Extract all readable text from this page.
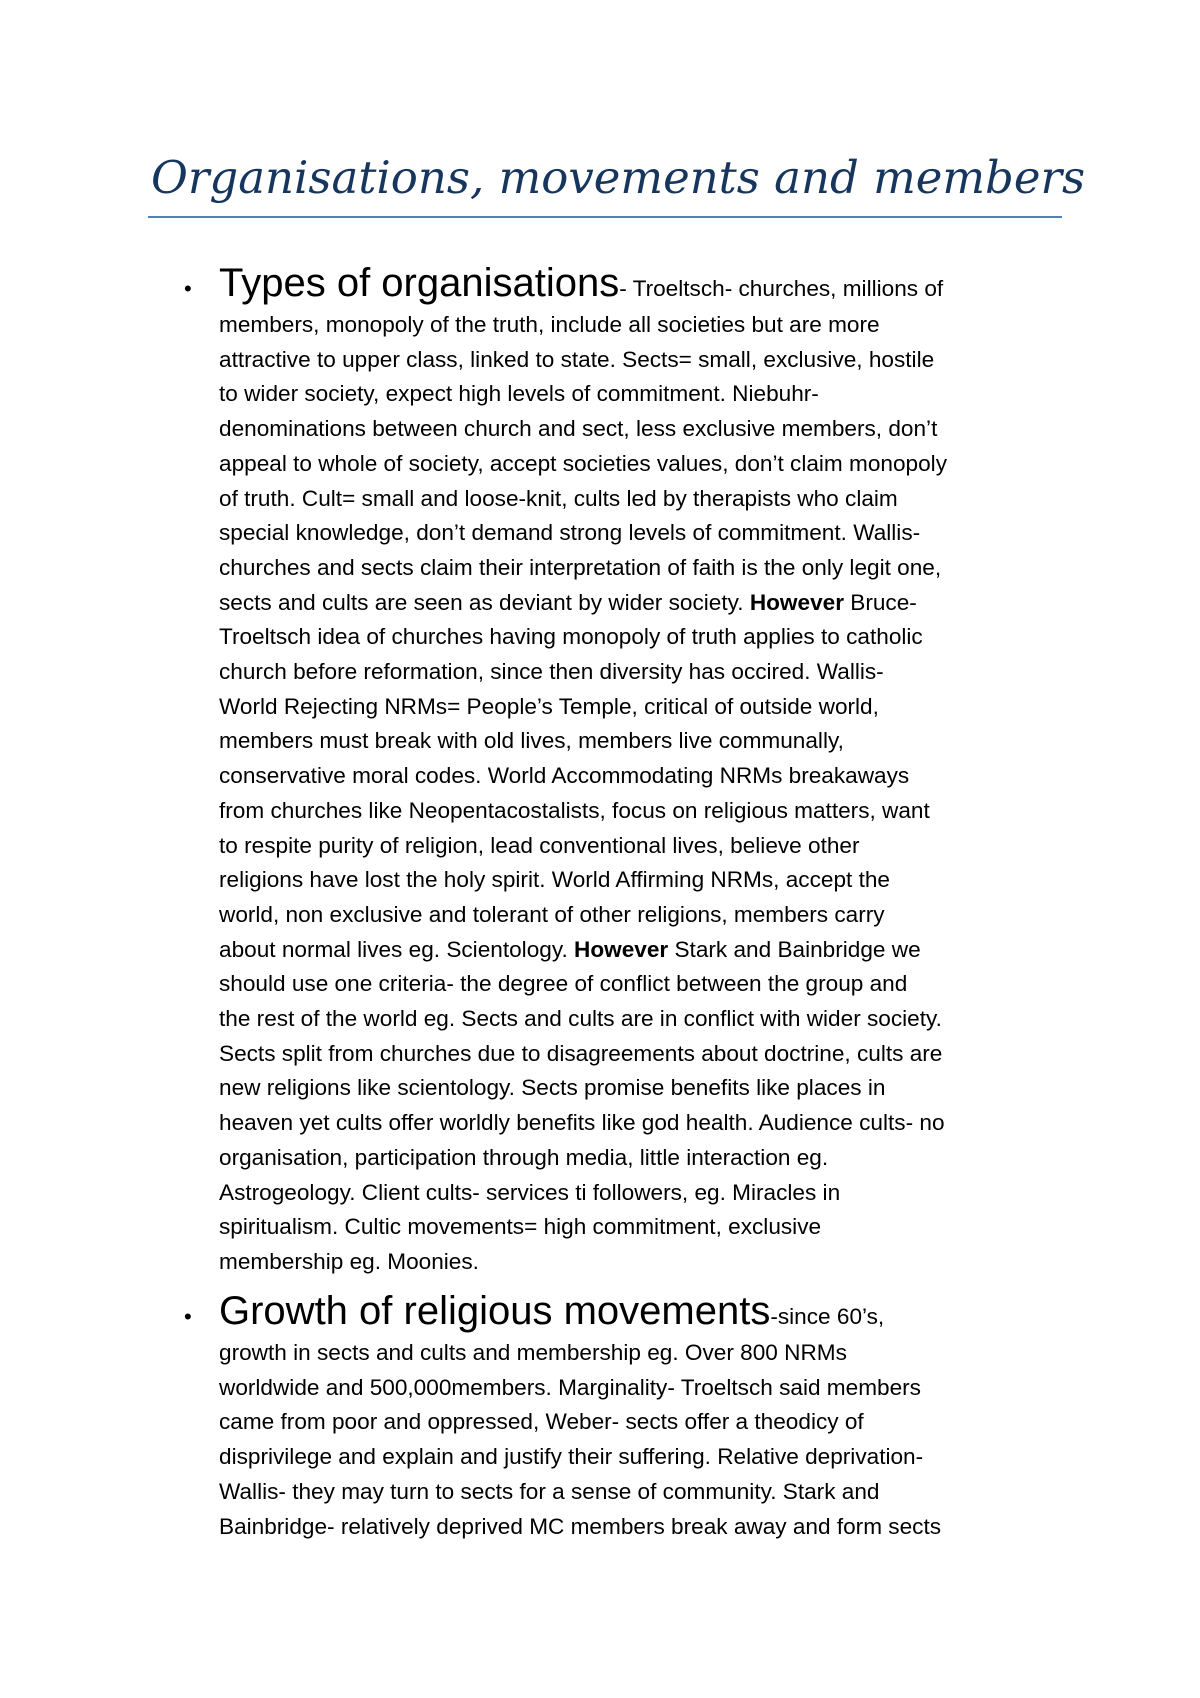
Organisations, movements and members
• Types of organisations- Troeltsch- churches, millions of
members, monopoly of the truth, include all societies but are more
attractive to upper class, linked to state. Sects= small, exclusive, hostile
to wider society, expect high levels of commitment. Niebuhr-
denominations between church and sect, less exclusive members, don’t
appeal to whole of society, accept societies values, don’t claim monopoly
of truth. Cult= small and loose-knit, cults led by therapists who claim
special knowledge, don’t demand strong levels of commitment. Wallis-
churches and sects claim their interpretation of faith is the only legit one,
sects and cults are seen as deviant by wider society. However Bruce-
Troeltsch idea of churches having monopoly of truth applies to catholic
church before reformation, since then diversity has occired. Wallis-
World Rejecting NRMs= People’s Temple, critical of outside world,
members must break with old lives, members live communally,
conservative moral codes. World Accommodating NRMs breakaways
from churches like Neopentacostalists, focus on religious matters, want
to respite purity of religion, lead conventional lives, believe other
religions have lost the holy spirit. World Affirming NRMs, accept the
world, non exclusive and tolerant of other religions, members carry
about normal lives eg. Scientology. However Stark and Bainbridge we
should use one criteria- the degree of conflict between the group and
the rest of the world eg. Sects and cults are in conflict with wider society.
Sects split from churches due to disagreements about doctrine, cults are
new religions like scientology. Sects promise benefits like places in
heaven yet cults offer worldly benefits like god health. Audience cults- no
organisation, participation through media, little interaction eg.
Astrogeology. Client cults- services ti followers, eg. Miracles in
spiritualism. Cultic movements= high commitment, exclusive
membership eg. Moonies.
• Growth of religious movements-since 60’s,
growth in sects and cults and membership eg. Over 800 NRMs
worldwide and 500,000members. Marginality- Troeltsch said members
came from poor and oppressed, Weber- sects offer a theodicy of
disprivilege and explain and justify their suffering. Relative deprivation-
Wallis- they may turn to sects for a sense of community. Stark and
Bainbridge- relatively deprived MC members break away and form sects
